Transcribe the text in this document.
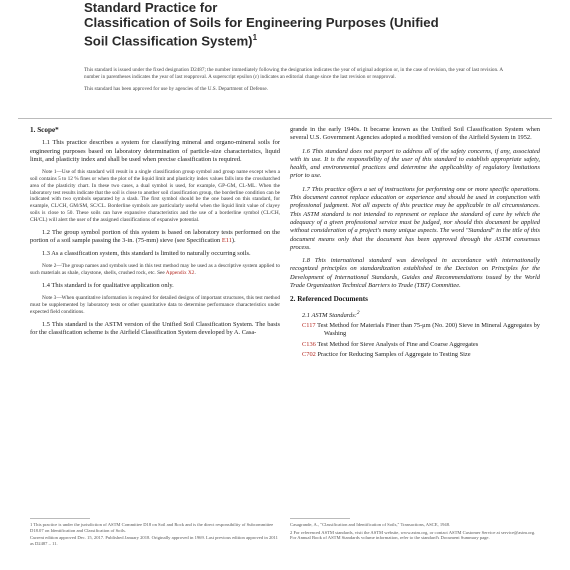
Standard Practice for
Classification of Soils for Engineering Purposes (Unified
Soil Classification System)$^1$

This standard is issued under the fixed designation D2487; the number immediately following the designation indicates the year of original adoption or, in the case of revision, the year of last revision. A number in parentheses indicates the year of last reapproval. A superscript epsilon (ε) indicates an editorial change since the last revision or reapproval.

This standard has been approved for use by agencies of the U.S. Department of Defense.

1. Scope*

1.1 This practice describes a system for classifying mineral and organo-mineral soils for engineering purposes based on laboratory determination of particle-size characteristics, liquid limit, and plasticity index and shall be used when precise classification is required.

Note 1—Use of this standard will result in a single classification group symbol and group name except when a soil contains 5 to 12 % fines or when the plot of the liquid limit and plasticity index values falls into the crosshatched area of the plasticity chart. In these two cases, a dual symbol is used, for example, GP-GM, CL-ML. When the laboratory test results indicate that the soil is close to another soil classification group, the borderline condition can be indicated with two symbols separated by a slash. The first symbol should be the one based on this standard, for example, CL/CH, GM/SM, SC/CL. Borderline symbols are particularly useful when the liquid limit value of clayey soils is close to 50. These soils can have expansive characteristics and the use of a borderline symbol (CL/CH, CH/CL) will alert the user of the assigned classifications of expansive potential.

1.2 The group symbol portion of this system is based on laboratory tests performed on the portion of a soil sample passing the 3-in. (75-mm) sieve (see Specification E11).

1.3 As a classification system, this standard is limited to naturally occurring soils.

Note 2—The group names and symbols used in this test method may be used as a descriptive system applied to such materials as shale, claystone, shells, crushed rock, etc. See Appendix X2.

1.4 This standard is for qualitative application only.

Note 3—When quantitative information is required for detailed designs of important structures, this test method must be supplemented by laboratory tests or other quantitative data to determine performance characteristics under expected field conditions.

1.5 This standard is the ASTM version of the Unified Soil Classification System. The basis for the classification scheme is the Airfield Classification System developed by A. Casa-

grande in the early 1940s. It became known as the Unified Soil Classification System when several U.S. Government Agencies adopted a modified version of the Airfield System in 1952.

1.6 This standard does not purport to address all of the safety concerns, if any, associated with its use. It is the responsibility of the user of this standard to establish appropriate safety, health, and environmental practices and determine the applicability of regulatory limitations prior to use.

1.7 This practice offers a set of instructions for performing one or more specific operations. This document cannot replace education or experience and should be used in conjunction with professional judgment. Not all aspects of this practice may be applicable in all circumstances. This ASTM standard is not intended to represent or replace the standard of care by which the adequacy of a given professional service must be judged, nor should this document be applied without consideration of a project's many unique aspects. The word "Standard" in the title of this document means only that the document has been approved through the ASTM consensus process.

1.8 This international standard was developed in accordance with internationally recognized principles on standardization established in the Decision on Principles for the Development of International Standards, Guides and Recommendations issued by the World Trade Organization Technical Barriers to Trade (TBT) Committee.

2. Referenced Documents
2.1 ASTM Standards:$^2$
C117 Test Method for Materials Finer than 75-μm (No. 200) Sieve in Mineral Aggregates by Washing
C136 Test Method for Sieve Analysis of Fine and Coarse Aggregates
C702 Practice for Reducing Samples of Aggregate to Testing Size

1 This practice is under the jurisdiction of ASTM Committee D18 on Soil and Rock and is the direct responsibility of Subcommittee D18.07 on Identification and Classification of Soils.

Current edition approved Dec. 15, 2017. Published January 2018. Originally approved in 1969. Last previous edition approved in 2011 as D2487 – 11.

Casagrande, A., "Classification and Identification of Soils," Transactions, ASCE, 1948.

2 For referenced ASTM standards, visit the ASTM website, www.astm.org, or contact ASTM Customer Service at service@astm.org. For Annual Book of ASTM Standards volume information, refer to the standard's Document Summary page.
